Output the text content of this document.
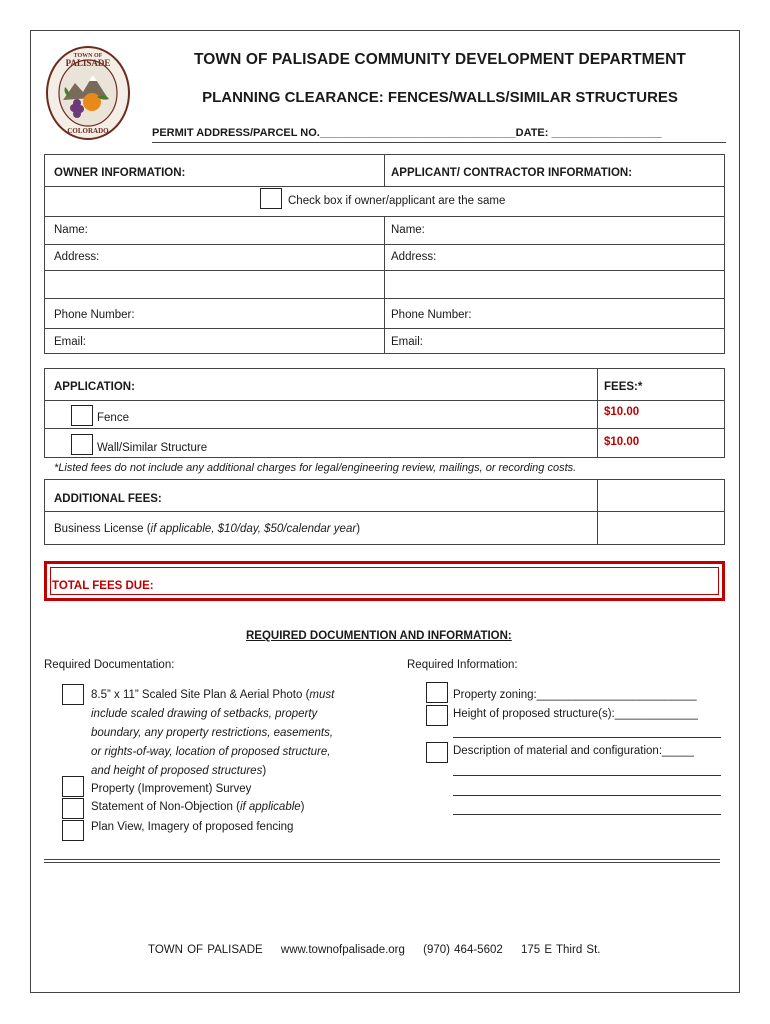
TOWN OF
PALISADE
COLORADO
TOWN OF PALISADE COMMUNITY DEVELOPMENT DEPARTMENT
PLANNING CLEARANCE: FENCES/WALLS/SIMILAR STRUCTURES
PERMIT ADDRESS/PARCEL NO.________________________________DATE: __________________
OWNER INFORMATION:	APPLICANT/ CONTRACTOR INFORMATION:
Check box if owner/applicant are the same
Name:	Name:
Address:	Address:
Phone Number:	Phone Number:
Email:	Email:
APPLICATION:	FEES:*
Fence	$10.00
Wall/Similar Structure	$10.00
*Listed fees do not include any additional charges for legal/engineering review, mailings, or recording costs.
ADDITIONAL FEES:
Business License (if applicable, $10/day, $50/calendar year)
TOTAL FEES DUE:
REQUIRED DOCUMENTION AND INFORMATION:
Required Documentation:	Required Information:
8.5” x 11” Scaled Site Plan & Aerial Photo (must
include scaled drawing of setbacks, property
boundary, any property restrictions, easements,
or rights-of-way, location of proposed structure,
and height of proposed structures)
Property (Improvement) Survey
Statement of Non-Objection (if applicable)
Plan View, Imagery of proposed fencing
Property zoning:_________________________
Height of proposed structure(s):_____________
Description of material and configuration:_____
TOWN OF PALISADE www.townofpalisade.org (970) 464-5602 175 E Third St.
